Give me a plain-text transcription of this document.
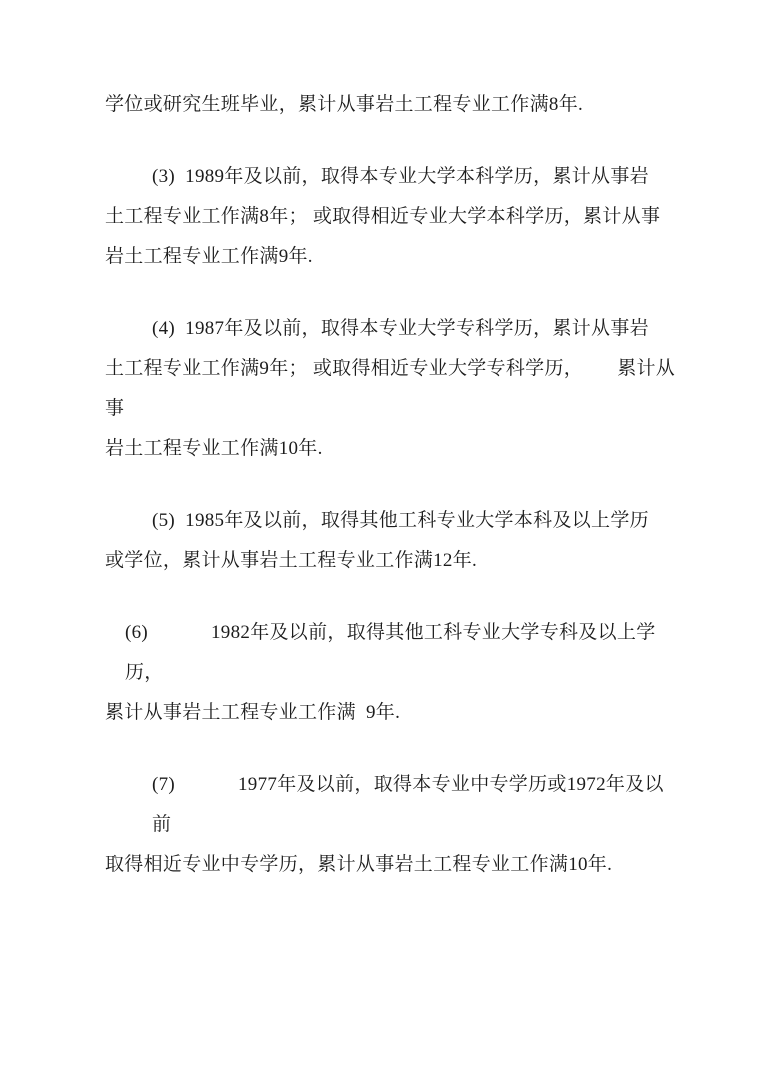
学位或研究生班毕业，累计从事岩土工程专业工作满8年.
(3)  1989年及以前，取得本专业大学本科学历，累计从事岩
土工程专业工作满8年； 或取得相近专业大学本科学历，累计从事
岩土工程专业工作满9年.
(4)  1987年及以前，取得本专业大学专科学历，累计从事岩
土工程专业工作满9年； 或取得相近专业大学专科学历，　　 累计从事
岩土工程专业工作满10年.
(5)  1985年及以前，取得其他工科专业大学本科及以上学历
或学位，累计从事岩土工程专业工作满12年.
(6)　　　 1982年及以前，取得其他工科专业大学专科及以上学历，
累计从事岩土工程专业工作满  9年.
(7)　　　 1977年及以前，取得本专业中专学历或1972年及以前
取得相近专业中专学历，累计从事岩土工程专业工作满10年.
